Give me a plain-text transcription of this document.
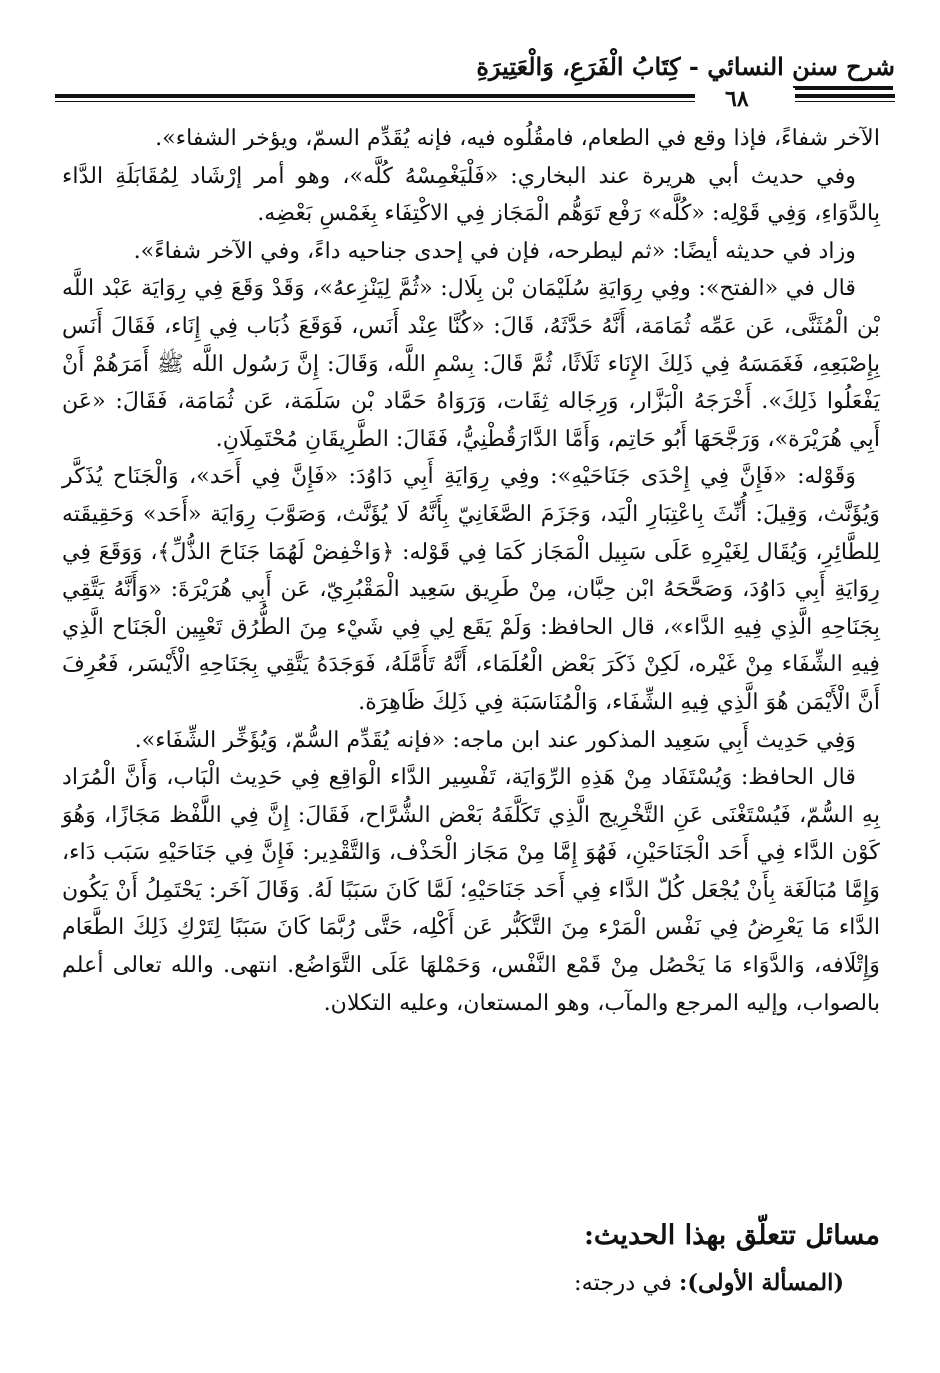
شرح سنن النسائي - كِتَابُ الْفَرَعِ، وَالْعَتِيرَةِ
٦٨

الآخر شفاءً، فإذا وقع في الطعام، فامقُلُوه فيه، فإنه يُقَدِّم السمّ، ويؤخر الشفاء».

وفي حديث أبي هريرة عند البخاري: «فَلْيَغْمِسْهُ كُلَّه»، وهو أمر إرْشَاد لِمُقَابَلَةِ الدَّاء بِالدَّوَاءِ، وَفِي قَوْلِه: «كُلَّه» رَفْع تَوَهُّم الْمَجَاز فِي الاكْتِفَاء بِغَمْسِ بَعْضِه.

وزاد في حديثه أيضًا: «ثم ليطرحه، فإن في إحدى جناحيه داءً، وفي الآخر شفاءً».

قال في «الفتح»: وفِي رِوَايَةِ سُلَيْمَان بْن بِلَال: «ثُمَّ لِيَنْزِعهُ»، وَقَدْ وَقَعَ فِي رِوَايَة عَبْد اللَّه بْن الْمُثَنَّى، عَن عَمِّه ثُمَامَة، أَنَّهُ حَدَّثَهُ، قَالَ: «كُنَّا عِنْد أَنَس، فَوَقَعَ ذُبَاب فِي إِنَاء، فَقَالَ أَنَس بِإِصْبَعِهِ، فَغَمَسَهُ فِي ذَلِكَ الإِنَاء ثَلَاثًا، ثُمَّ قَالَ: بِسْمِ اللَّه، وَقَالَ: إِنَّ رَسُول اللَّه ﷺ أَمَرَهُمْ أَنْ يَفْعَلُوا ذَلِكَ». أَخْرَجَهُ الْبَزَّار، وَرِجَاله ثِقَات، وَرَوَاهُ حَمَّاد بْن سَلَمَة، عَن ثُمَامَة، فَقَالَ: «عَن أَبِي هُرَيْرَة»، وَرَجَّحَهَا أَبُو حَاتِم، وَأَمَّا الدَّارَقُطْنِيُّ، فَقَالَ: الطَّرِيقَانِ مُحْتَمِلَانِ.

وَقَوْله: «فَإِنَّ فِي إِحْدَى جَنَاحَيْهِ»: وفِي رِوَايَةِ أَبِي دَاوُدَ: «فَإِنَّ فِي أَحَد»، وَالْجَنَاح يُذَكَّر وَيُؤَنَّث، وَقِيلَ: أُنِّثَ بِاعْتِبَارِ الْيَد، وَجَزَمَ الصَّغَانِيّ بِأَنَّهُ لَا يُؤَنَّث، وَصَوَّبَ رِوَايَة «أَحَد» وَحَقِيقَته لِلطَّائِرِ، وَيُقَال لِغَيْرِهِ عَلَى سَبِيل الْمَجَاز كَمَا فِي قَوْله: ﴿وَاخْفِضْ لَهُمَا جَنَاحَ الذُّلِّ﴾، وَوَقَعَ فِي رِوَايَةِ أَبِي دَاوُدَ، وَصَحَّحَهُ ابْن حِبَّان، مِنْ طَرِيق سَعِيد الْمَقْبُرِيّ، عَن أَبِي هُرَيْرَةَ: «وَأَنَّهُ يَتَّقِي بِجَنَاحِهِ الَّذِي فِيهِ الدَّاء»، قال الحافظ: وَلَمْ يَقَع لِي فِي شَيْء مِنَ الطُّرُق تَعْيِين الْجَنَاح الَّذِي فِيهِ الشِّفَاء مِنْ غَيْره، لَكِنْ ذَكَرَ بَعْض الْعُلَمَاء، أَنَّهُ تَأَمَّلَهُ، فَوَجَدَهُ يَتَّقِي بِجَنَاحِهِ الْأَيْسَر، فَعُرِفَ أَنَّ الْأَيْمَن هُوَ الَّذِي فِيهِ الشِّفَاء، وَالْمُنَاسَبَة فِي ذَلِكَ ظَاهِرَة.

وَفِي حَدِيث أَبِي سَعِيد المذكور عند ابن ماجه: «فإنه يُقَدِّم السُّمّ، وَيُؤَخِّر الشِّفَاء».

قال الحافظ: وَيُسْتَفَاد مِنْ هَذِهِ الرِّوَايَة، تَفْسِير الدَّاء الْوَاقِع فِي حَدِيث الْبَاب، وَأَنَّ الْمُرَاد بِهِ السُّمّ، فَيُسْتَغْنَى عَنِ التَّخْرِيج الَّذِي تَكَلَّفَهُ بَعْض الشُّرَّاح، فَقَالَ: إِنَّ فِي اللَّفْظ مَجَازًا، وَهُوَ كَوْن الدَّاء فِي أَحَد الْجَنَاحَيْنِ، فَهُوَ إِمَّا مِنْ مَجَاز الْحَذْف، وَالتَّقْدِير: فَإِنَّ فِي جَنَاحَيْهِ سَبَب دَاء، وَإِمَّا مُبَالَغَة بِأَنْ يُجْعَل كُلّ الدَّاء فِي أَحَد جَنَاحَيْهِ؛ لَمَّا كَانَ سَبَبًا لَهُ. وَقَالَ آخَر: يَحْتَمِلُ أَنْ يَكُون الدَّاء مَا يَعْرِضُ فِي نَفْس الْمَرْء مِنَ التَّكَبُّر عَن أَكْلِه، حَتَّى رُبَّمَا كَانَ سَبَبًا لِتَرْكِ ذَلِكَ الطَّعَام وَإِتْلَافه، وَالدَّوَاء مَا يَحْصُل مِنْ قَمْع النَّفْس، وَحَمْلهَا عَلَى التَّوَاضُع. انتهى. والله تعالى أعلم بالصواب، وإليه المرجع والمآب، وهو المستعان، وعليه التكلان.

مسائل تتعلّق بهذا الحديث:
(المسألة الأولى): في درجته:
